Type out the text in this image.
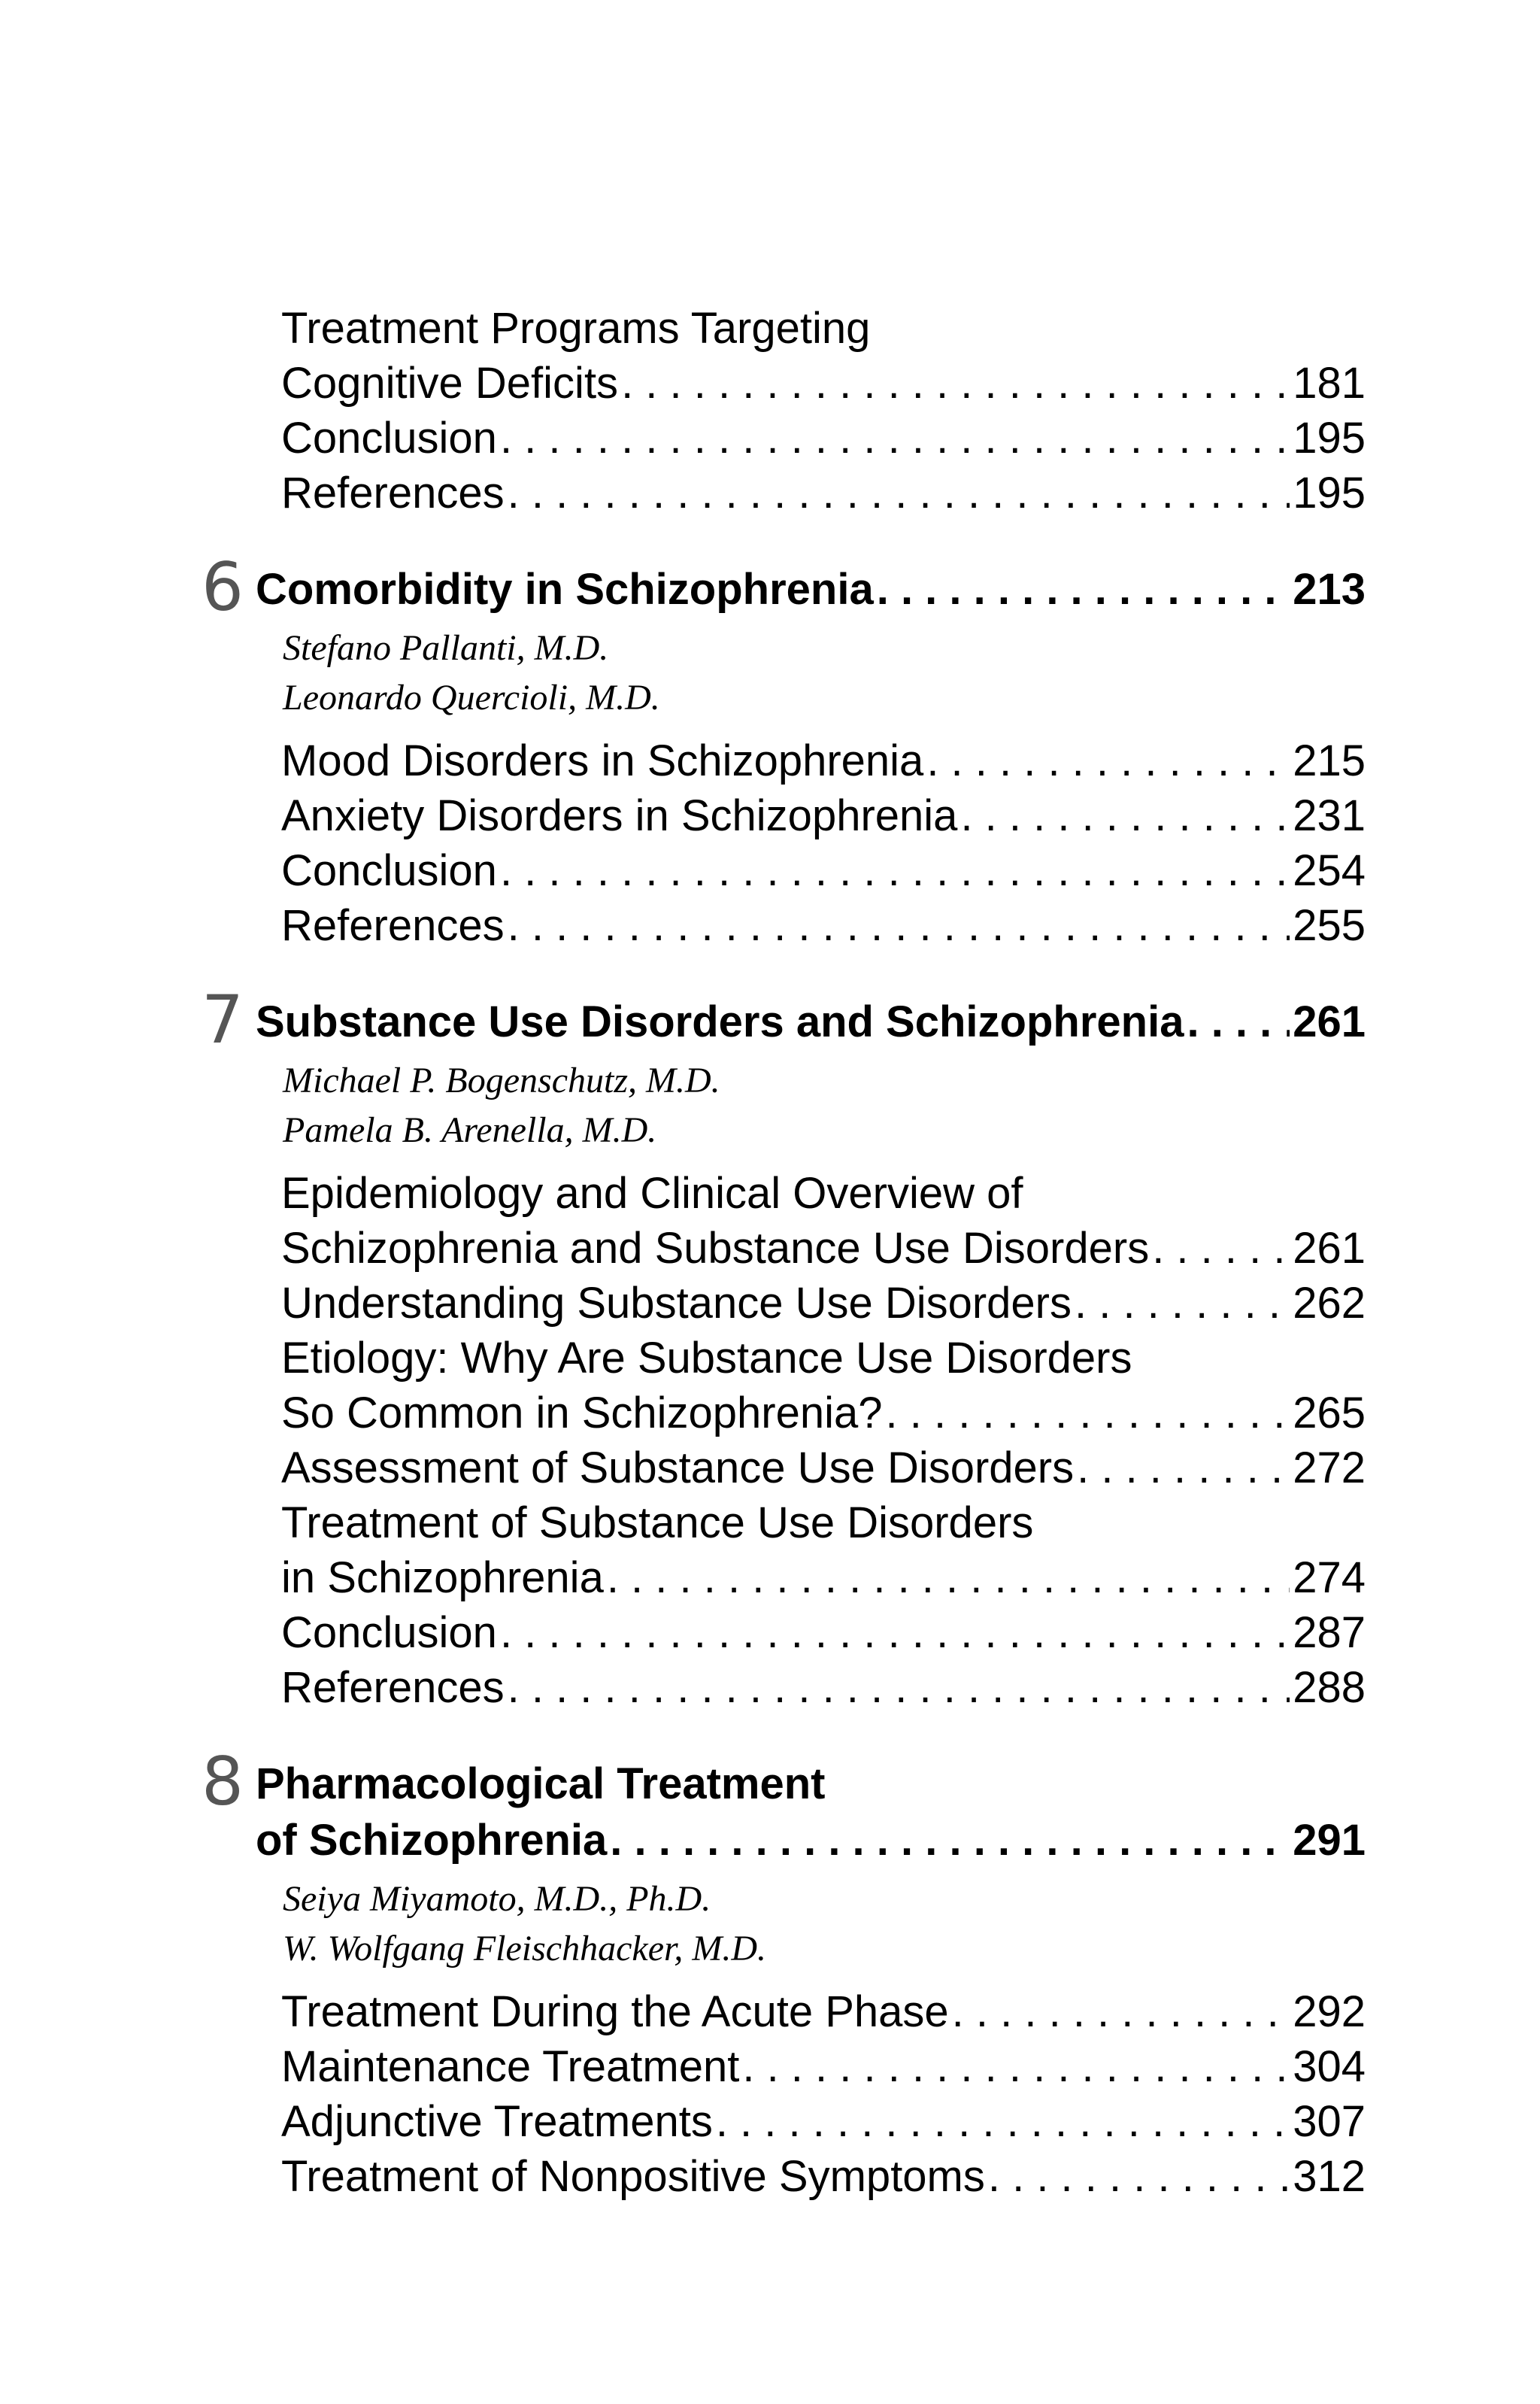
Treatment Programs Targeting
Cognitive Deficits . . .	181
Conclusion . . .	195
References . . .	195
6 Comorbidity in Schizophrenia . . .	213
Stefano Pallanti, M.D.
Leonardo Quercioli, M.D.
Mood Disorders in Schizophrenia . . .	215
Anxiety Disorders in Schizophrenia . . .	231
Conclusion . . .	254
References . . .	255
7 Substance Use Disorders and Schizophrenia . . . 261
Michael P. Bogenschutz, M.D.
Pamela B. Arenella, M.D.
Epidemiology and Clinical Overview of
Schizophrenia and Substance Use Disorders . . .	261
Understanding Substance Use Disorders . . .	262
Etiology: Why Are Substance Use Disorders
So Common in Schizophrenia? . . .	265
Assessment of Substance Use Disorders . . .	272
Treatment of Substance Use Disorders
in Schizophrenia . . .	274
Conclusion . . .	287
References . . .	288
8 Pharmacological Treatment
of Schizophrenia . . .	291
Seiya Miyamoto, M.D., Ph.D.
W. Wolfgang Fleischhacker, M.D.
Treatment During the Acute Phase . . .	292
Maintenance Treatment . . .	304
Adjunctive Treatments . . .	307
Treatment of Nonpositive Symptoms . . .	312
